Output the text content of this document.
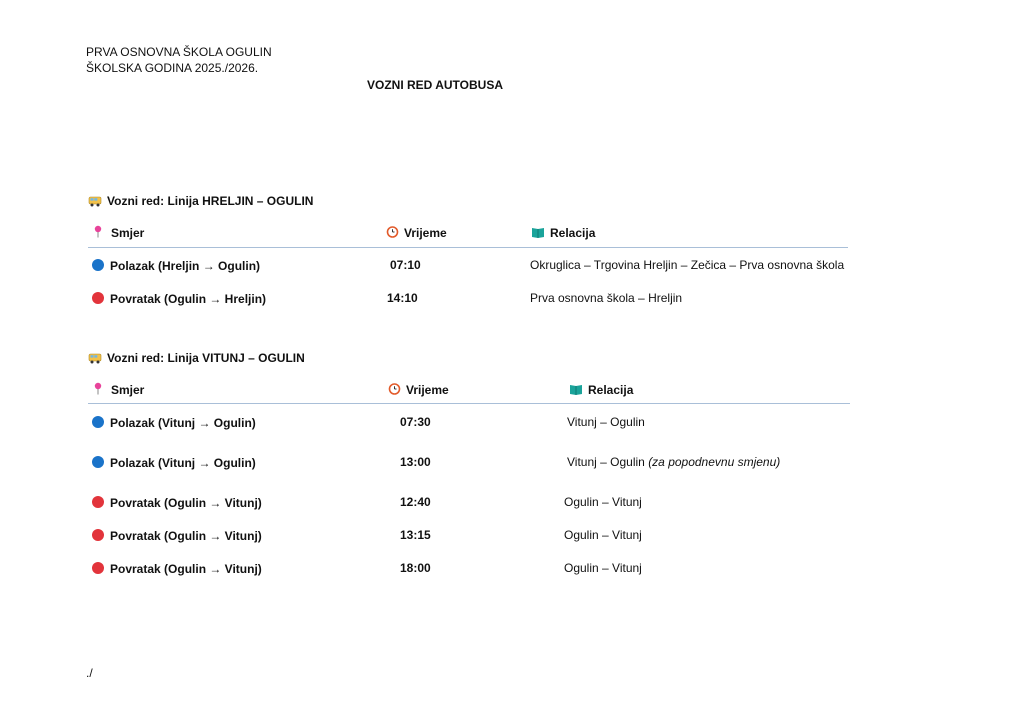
PRVA OSNOVNA ŠKOLA OGULIN
ŠKOLSKA GODINA 2025./2026.
VOZNI RED AUTOBUSA
Vozni red: Linija HRELJIN – OGULIN
Smjer	Vrijeme	Relacija
Polazak (Hreljin → Ogulin)	07:10	Okruglica – Trgovina Hreljin – Zečica – Prva osnovna škola
Povratak (Ogulin → Hreljin)	14:10	Prva osnovna škola – Hreljin
Vozni red: Linija VITUNJ – OGULIN
Smjer	Vrijeme	Relacija
Polazak (Vitunj → Ogulin)	07:30	Vitunj – Ogulin
Polazak (Vitunj → Ogulin)	13:00	Vitunj – Ogulin (za popodnevnu smjenu)
Povratak (Ogulin → Vitunj)	12:40	Ogulin – Vitunj
Povratak (Ogulin → Vitunj)	13:15	Ogulin – Vitunj
Povratak (Ogulin → Vitunj)	18:00	Ogulin – Vitunj
./
